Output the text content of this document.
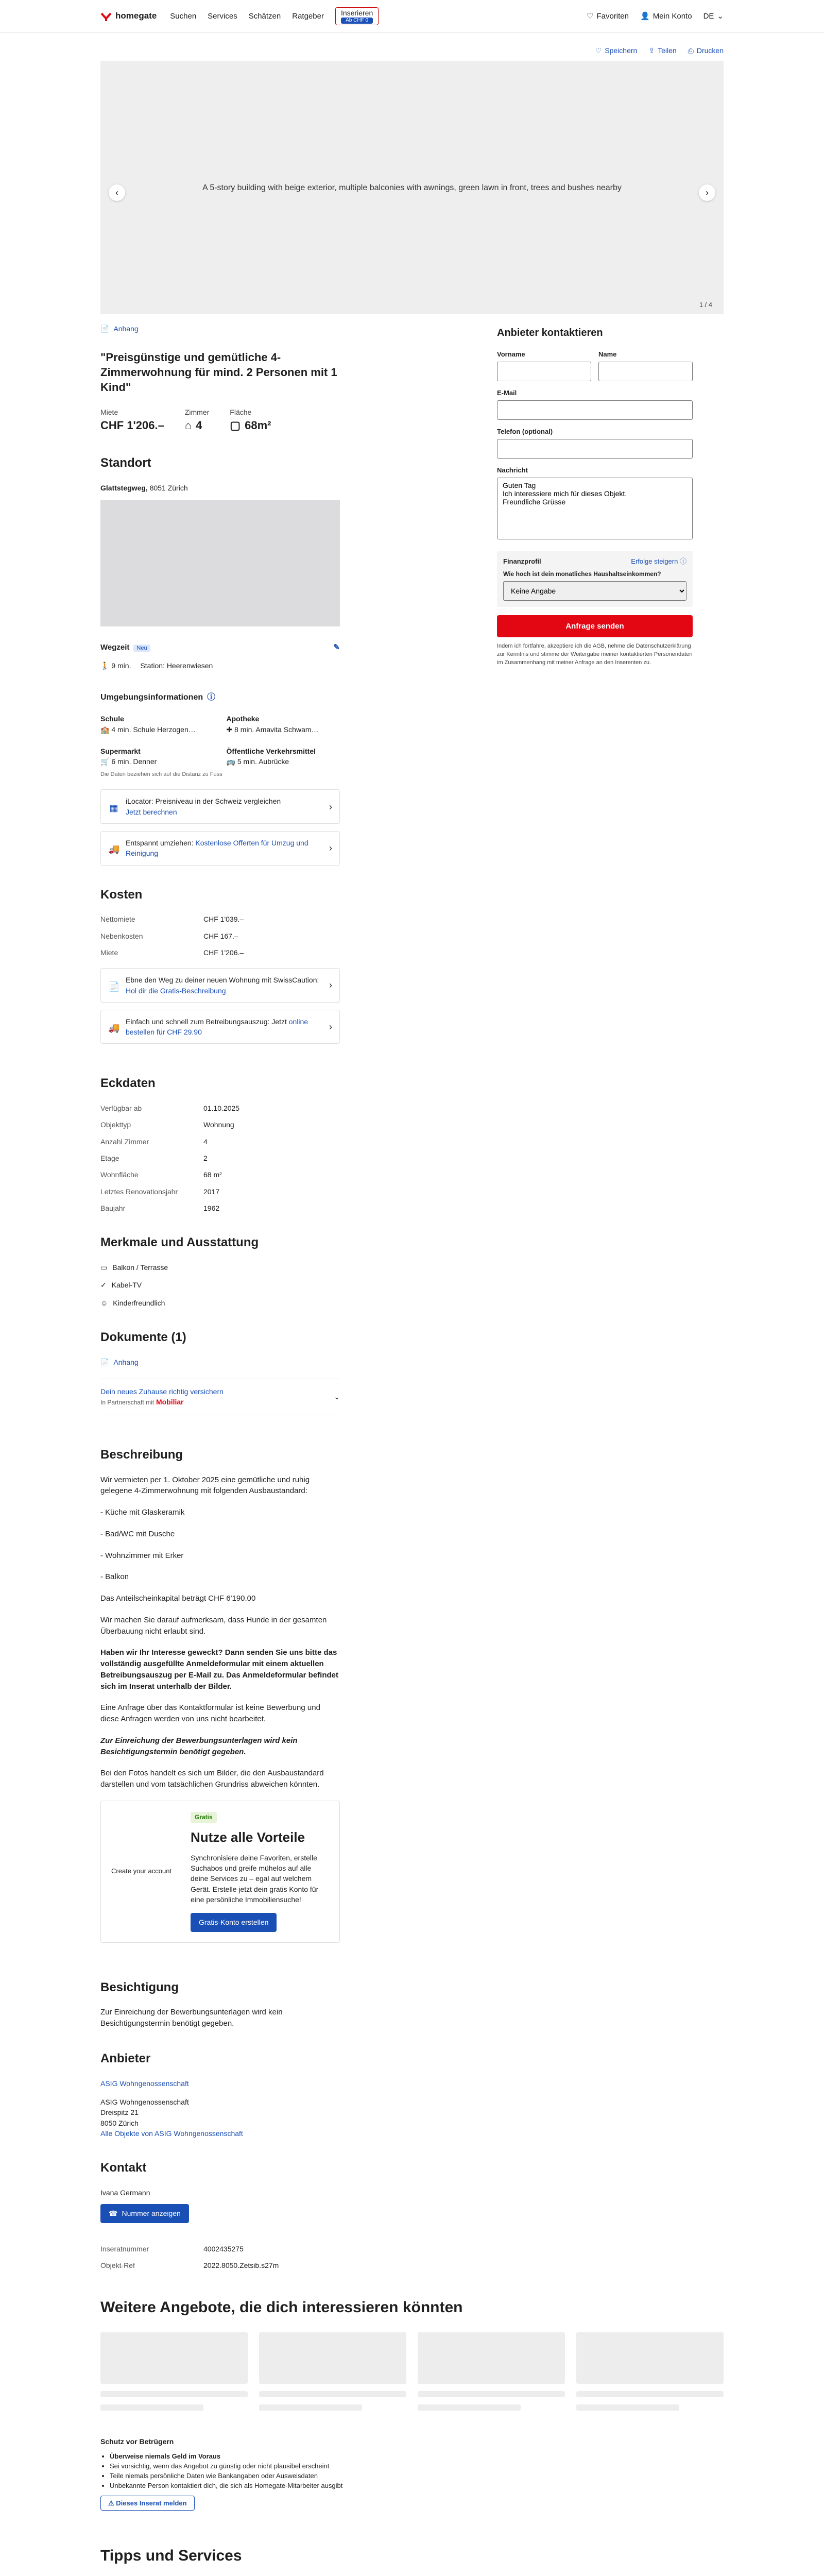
homegate Suchen Services Schätzen Ratgeber	Inserieren
Ab CHF 0
♡ Favoriten 👤 Mein Konto DE ⌄
♡ Speichern ⇪ Teilen ⎙ Drucken
A 5-story building with beige exterior, multiple balconies with awnings, green lawn in front, trees and bushes nearby
‹	›
1 / 4
📄 Anhang
"Preisgünstige und gemütliche 4-Zimmerwohnung für mind. 2 Personen mit 1 Kind"
Miete
CHF 1'206.–
Zimmer
⌂ 4
Fläche
▢ 68m²
Standort
Glattstegweg, 8051 Zürich
Wegzeit Neu	✎
🚶 9 min. Station: Heerenwiesen
Umgebungsinformationen ⓘ
Schule
🏫 4 min. Schule Herzogen…
Apotheke
✚ 8 min. Amavita Schwam…
Supermarkt
🛒 6 min. Denner
Öffentliche Verkehrsmittel
🚌 5 min. Aubrücke
Die Daten beziehen sich auf die Distanz zu Fuss
▦
iLocator: Preisniveau in der Schweiz vergleichen
Jetzt berechnen
›
🚚
Entspannt umziehen: Kostenlose Offerten für Umzug und Reinigung
›
Kosten
Nettomiete	CHF 1'039.–
Nebenkosten	CHF 167.–
Miete	CHF 1'206.–
📄
Ebne den Weg zu deiner neuen Wohnung mit SwissCaution: Hol dir die Gratis-Beschreibung
›
🚚
Einfach und schnell zum Betreibungsauszug: Jetzt online bestellen für CHF 29.90
›
Eckdaten
Verfügbar ab	01.10.2025
Objekttyp	Wohnung
Anzahl Zimmer	4
Etage	2
Wohnfläche	68 m²
Letztes Renovationsjahr	2017
Baujahr	1962
Merkmale und Ausstattung
▭ Balkon / Terrasse
✓ Kabel-TV
☺ Kinderfreundlich
Dokumente (1)
📄 Anhang
Dein neues Zuhause richtig versichern
In Partnerschaft mit Mobiliar
⌄
Beschreibung

Wir vermieten per 1. Oktober 2025 eine gemütliche und ruhig gelegene 4-Zimmerwohnung mit folgenden Ausbaustandard:

- Küche mit Glaskeramik

- Bad/WC mit Dusche

- Wohnzimmer mit Erker

- Balkon

Das Anteilscheinkapital beträgt CHF 6'190.00

Wir machen Sie darauf aufmerksam, dass Hunde in der gesamten Überbauung nicht erlaubt sind.

Haben wir Ihr Interesse geweckt? Dann senden Sie uns bitte das vollständig ausgefüllte Anmeldeformular mit einem aktuellen Betreibungsauszug per E-Mail zu. Das Anmeldeformular befindet sich im Inserat unterhalb der Bilder.

Eine Anfrage über das Kontaktformular ist keine Bewerbung und diese Anfragen werden von uns nicht bearbeitet.

Zur Einreichung der Bewerbungsunterlagen wird kein Besichtigungstermin benötigt gegeben.

Bei den Fotos handelt es sich um Bilder, die den Ausbaustandard darstellen und vom tatsächlichen Grundriss abweichen könnten.

Create your account
Gratis
Nutze alle Vorteile

Synchronisiere deine Favoriten, erstelle Suchabos und greife mühelos auf alle deine Services zu – egal auf welchem Gerät. Erstelle jetzt dein gratis Konto für eine persönliche Immobiliensuche!

Gratis-Konto erstellen
Besichtigung

Zur Einreichung der Bewerbungsunterlagen wird kein Besichtigungstermin benötigt gegeben.

Anbieter
ASIG Wohngenossenschaft
ASIG Wohngenossenschaft
Dreispitz 21
8050 Zürich
Alle Objekte von ASIG Wohngenossenschaft
Kontakt
Ivana Germann
☎ Nummer anzeigen
Inseratnummer	4002435275
Objekt-Ref	2022.8050.Zetsib.s27m
Anbieter kontaktieren
Vorname	Name
E-Mail
Telefon (optional)
Nachricht
Guten Tag Ich interessiere mich für dieses Objekt. Freundliche Grüsse
Finanzprofil	Erfolge steigern ⓘ
Wie hoch ist dein monatliches Haushaltseinkommen?
Keine Angabe
Anfrage senden

Indem ich fortfahre, akzeptiere ich die AGB, nehme die Datenschutzerklärung zur Kenntnis und stimme der Weitergabe meiner kontaktierten Personendaten im Zusammenhang mit meiner Anfrage an den Inserenten zu.

Weitere Angebote, die dich interessieren könnten
Schutz vor Betrügern
• Überweise niemals Geld im Voraus
• Sei vorsichtig, wenn das Angebot zu günstig oder nicht plausibel erscheint
• Teile niemals persönliche Daten wie Bankangaben oder Ausweisdaten
• Unbekannte Person kontaktiert dich, die sich als Homegate-Mitarbeiter ausgibt
⚠ Dieses Inserat melden
Tipps und Services
